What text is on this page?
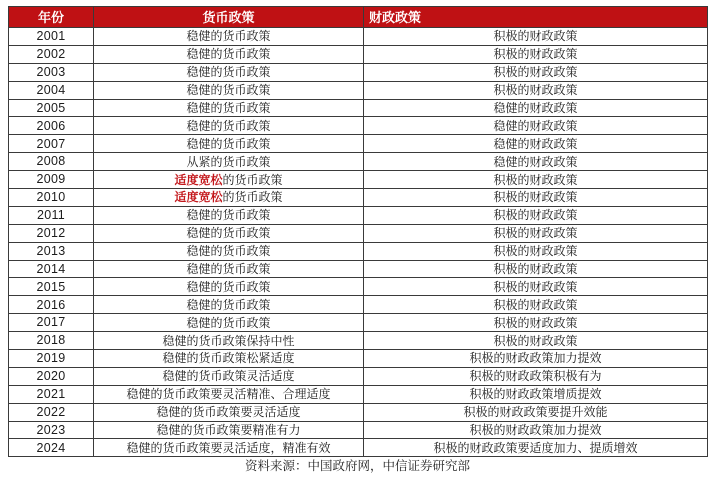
年份	货币政策	财政政策
2001	稳健的货币政策	积极的财政政策
2002	稳健的货币政策	积极的财政政策
2003	稳健的货币政策	积极的财政政策
2004	稳健的货币政策	积极的财政政策
2005	稳健的货币政策	稳健的财政政策
2006	稳健的货币政策	稳健的财政政策
2007	稳健的货币政策	稳健的财政政策
2008	从紧的货币政策	稳健的财政政策
2009	适度宽松的货币政策	积极的财政政策
2010	适度宽松的货币政策	积极的财政政策
2011	稳健的货币政策	积极的财政政策
2012	稳健的货币政策	积极的财政政策
2013	稳健的货币政策	积极的财政政策
2014	稳健的货币政策	积极的财政政策
2015	稳健的货币政策	积极的财政政策
2016	稳健的货币政策	积极的财政政策
2017	稳健的货币政策	积极的财政政策
2018	稳健的货币政策保持中性	积极的财政政策
2019	稳健的货币政策松紧适度	积极的财政政策加力提效
2020	稳健的货币政策灵活适度	积极的财政政策积极有为
2021	稳健的货币政策要灵活精准、合理适度	积极的财政政策增质提效
2022	稳健的货币政策要灵活适度	积极的财政政策要提升效能
2023	稳健的货币政策要精准有力	积极的财政政策加力提效
2024	稳健的货币政策要灵活适度，精准有效	积极的财政政策要适度加力、提质增效
资料来源：中国政府网，中信证券研究部
